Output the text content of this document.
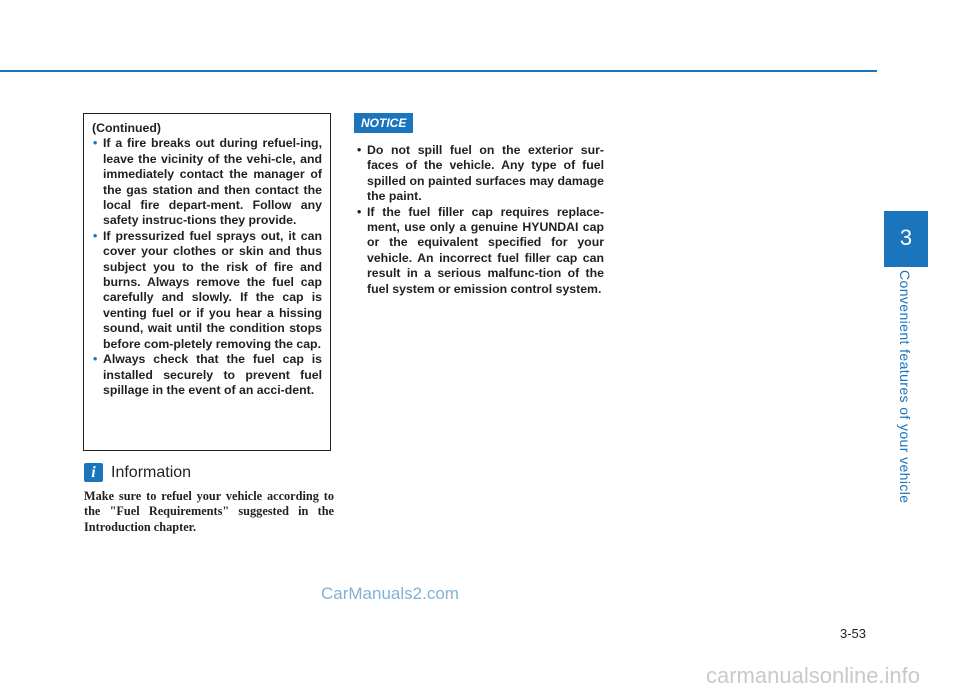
3
Convenient features of your vehicle
(Continued)
• If a fire breaks out during refuel-ing, leave the vicinity of the vehi-cle, and immediately contact the manager of the gas station and then contact the local fire depart-ment. Follow any safety instruc-tions they provide.
• If pressurized fuel sprays out, it can cover your clothes or skin and thus subject you to the risk of fire and burns. Always remove the fuel cap carefully and slowly. If the cap is venting fuel or if you hear a hissing sound, wait until the condition stops before com-pletely removing the cap.
• Always check that the fuel cap is installed securely to prevent fuel spillage in the event of an acci-dent.
i Information
Make sure to refuel your vehicle according to the "Fuel Requirements" suggested in the Introduction chapter.
NOTICE
• Do not spill fuel on the exterior sur-faces of the vehicle. Any type of fuel spilled on painted surfaces may damage the paint.
• If the fuel filler cap requires replace-ment, use only a genuine HYUNDAI cap or the equivalent specified for your vehicle. An incorrect fuel filler cap can result in a serious malfunc-tion of the fuel system or emission control system.
3-53
CarManuals2.com
carmanualsonline.info
